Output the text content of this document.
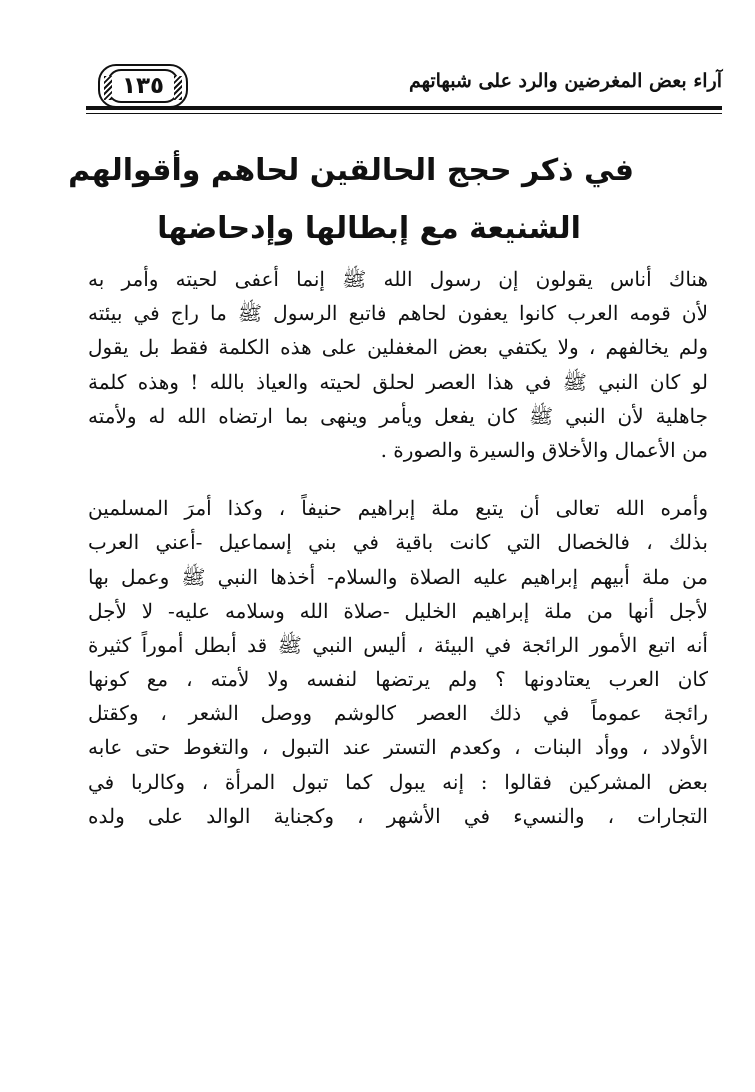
آراء بعض المغرضين والرد على شبهاتهم
١٣٥
في ذكر حجج الحالقين لحاهم وأقوالهم
الشنيعة مع إبطالها وإدحاضها
هناك أناس يقولون إن رسول الله ﷺ إنما أعفى لحيته وأمر به
لأن قومه العرب كانوا يعفون لحاهم فاتبع الرسول ﷺ ما راج في بيئته
ولم يخالفهم ، ولا يكتفي بعض المغفلين على هذه الكلمة فقط بل يقول
لو كان النبي ﷺ في هذا العصر لحلق لحيته والعياذ بالله ! وهذه كلمة
جاهلية لأن النبي ﷺ كان يفعل ويأمر وينهى بما ارتضاه الله له ولأمته
من الأعمال والأخلاق والسيرة والصورة .
وأمره الله تعالى أن يتبع ملة إبراهيم حنيفاً ، وكذا أمرَ المسلمين
بذلك ، فالخصال التي كانت باقية في بني إسماعيل -أعني العرب
من ملة أبيهم إبراهيم عليه الصلاة والسلام- أخذها النبي ﷺ وعمل بها
لأجل أنها من ملة إبراهيم الخليل -صلاة الله وسلامه عليه- لا لأجل
أنه اتبع الأمور الرائجة في البيئة ، أليس النبي ﷺ قد أبطل أموراً كثيرة
كان العرب يعتادونها ؟ ولم يرتضها لنفسه ولا لأمته ، مع كونها
رائجة عموماً في ذلك العصر كالوشم ووصل الشعر ، وكقتل
الأولاد ، ووأد البنات ، وكعدم التستر عند التبول ، والتغوط حتى عابه
بعض المشركين فقالوا : إنه يبول كما تبول المرأة ، وكالربا في
التجارات ، والنسيء في الأشهر ، وكجناية الوالد على ولده
